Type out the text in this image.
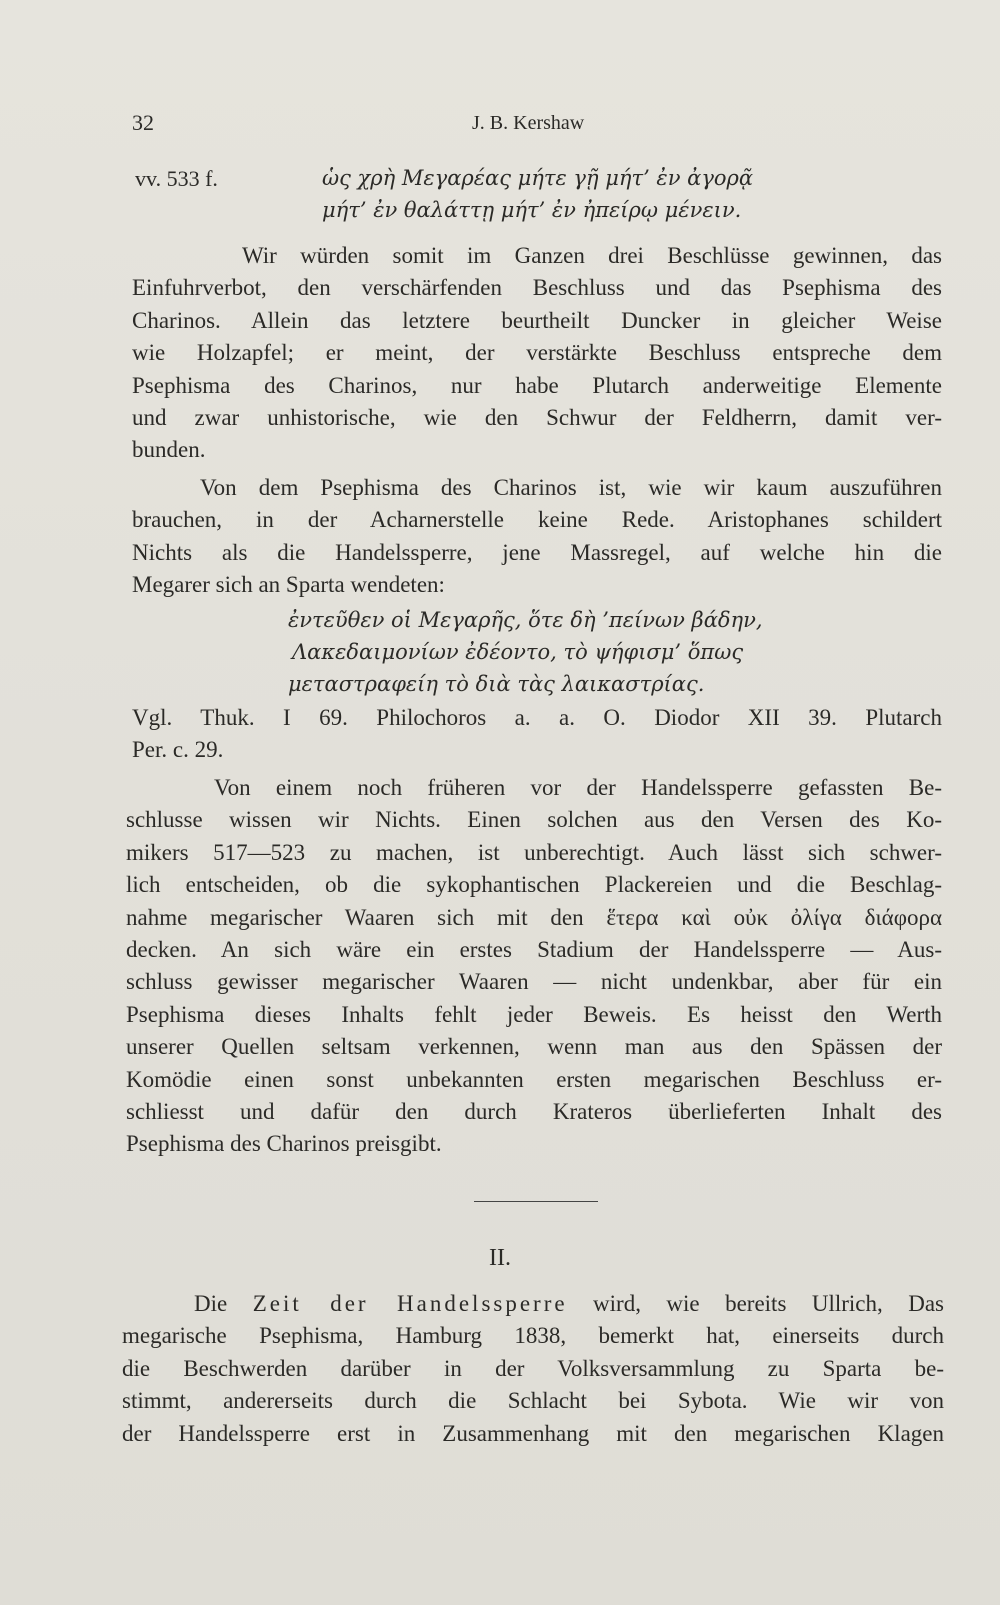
32	J. B. Kershaw
vv. 533 f.	ὡς χρὴ Μεγαρέας μήτε γῇ μήτ’ ἐν ἀγορᾷ
μήτ’ ἐν θαλάττῃ μήτ’ ἐν ἠπείρῳ μένειν.
Wir würden somit im Ganzen drei Beschlüsse gewinnen, das
Einfuhrverbot, den verschärfenden Beschluss und das Psephisma des
Charinos. Allein das letztere beurtheilt Duncker in gleicher Weise
wie Holzapfel; er meint, der verstärkte Beschluss entspreche dem
Psephisma des Charinos, nur habe Plutarch anderweitige Elemente
und zwar unhistorische, wie den Schwur der Feldherrn, damit ver-
bunden.
Von dem Psephisma des Charinos ist, wie wir kaum auszuführen
brauchen, in der Acharnerstelle keine Rede. Aristophanes schildert
Nichts als die Handelssperre, jene Massregel, auf welche hin die
Megarer sich an Sparta wendeten:
ἐντεῦθεν οἱ Μεγαρῆς, ὅτε δὴ ’πείνων βάδην,
Λακεδαιμονίων ἐδέοντο, τὸ ψήφισμ’ ὅπως
μεταστραφείη τὸ διὰ τὰς λαικαστρίας.
Vgl. Thuk. I 69. Philochoros a. a. O. Diodor XII 39. Plutarch
Per. c. 29.
Von einem noch früheren vor der Handelssperre gefassten Be-
schlusse wissen wir Nichts. Einen solchen aus den Versen des Ko-
mikers 517—523 zu machen, ist unberechtigt. Auch lässt sich schwer-
lich entscheiden, ob die sykophantischen Plackereien und die Beschlag-
nahme megarischer Waaren sich mit den ἕτερα καὶ οὐκ ὀλίγα διάφορα
decken. An sich wäre ein erstes Stadium der Handelssperre — Aus-
schluss gewisser megarischer Waaren — nicht undenkbar, aber für ein
Psephisma dieses Inhalts fehlt jeder Beweis. Es heisst den Werth
unserer Quellen seltsam verkennen, wenn man aus den Spässen der
Komödie einen sonst unbekannten ersten megarischen Beschluss er-
schliesst und dafür den durch Krateros überlieferten Inhalt des
Psephisma des Charinos preisgibt.
II.
Die Zeit der Handelssperre wird, wie bereits Ullrich, Das
megarische Psephisma, Hamburg 1838, bemerkt hat, einerseits durch
die Beschwerden darüber in der Volksversammlung zu Sparta be-
stimmt, andererseits durch die Schlacht bei Sybota. Wie wir von
der Handelssperre erst in Zusammenhang mit den megarischen Klagen
